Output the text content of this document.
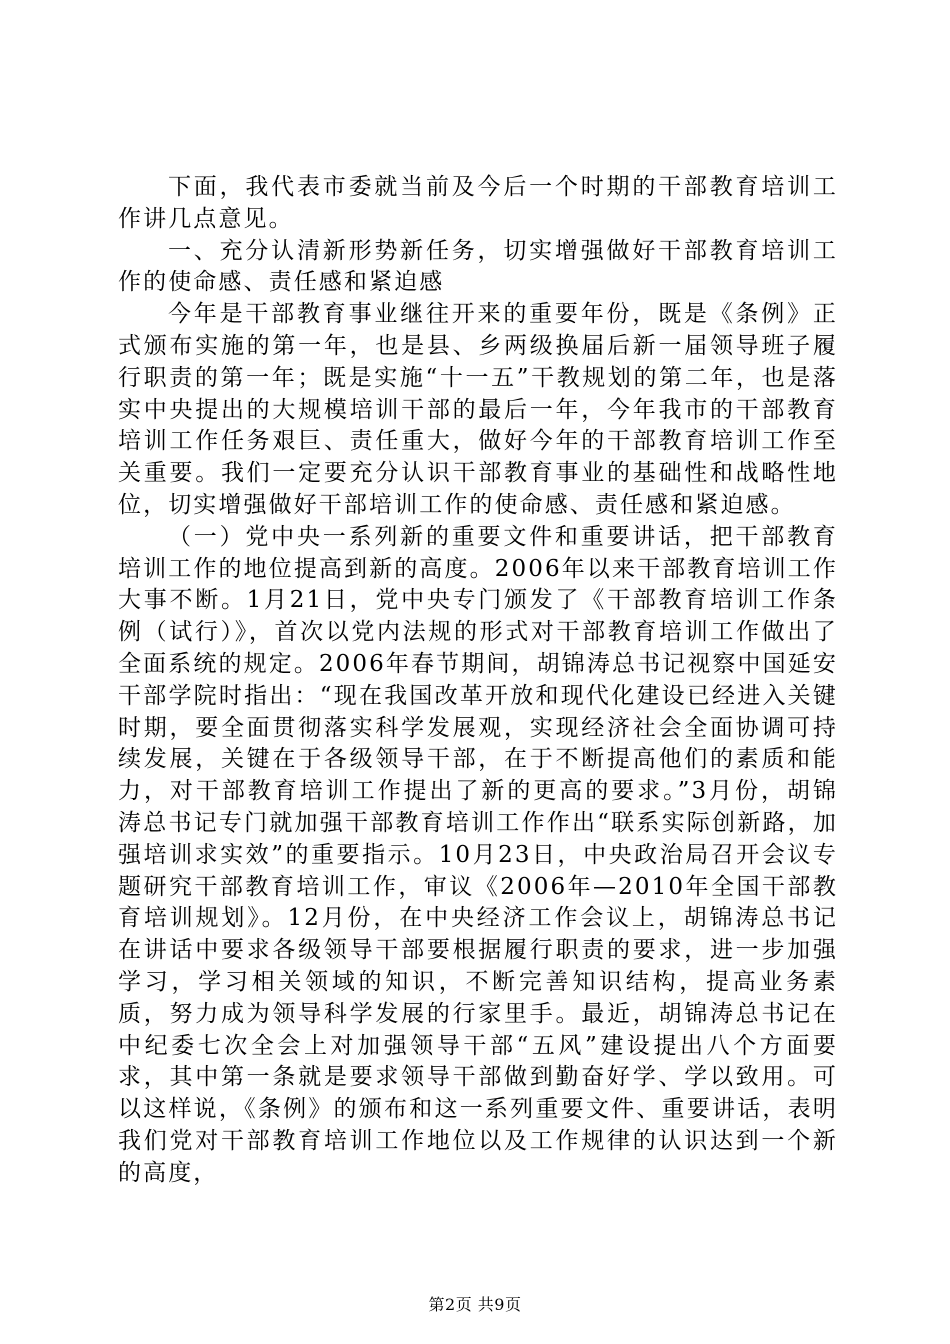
下面，我代表市委就当前及今后一个时期的干部教育培训工作讲几点意见。

一、充分认清新形势新任务，切实增强做好干部教育培训工作的使命感、责任感和紧迫感

今年是干部教育事业继往开来的重要年份，既是《条例》正式颁布实施的第一年，也是县、乡两级换届后新一届领导班子履行职责的第一年；既是实施“十一五”干教规划的第二年，也是落实中央提出的大规模培训干部的最后一年，今年我市的干部教育培训工作任务艰巨、责任重大，做好今年的干部教育培训工作至关重要。我们一定要充分认识干部教育事业的基础性和战略性地位，切实增强做好干部培训工作的使命感、责任感和紧迫感。

（一）党中央一系列新的重要文件和重要讲话，把干部教育培训工作的地位提高到新的高度。2006年以来干部教育培训工作大事不断。1月21日，党中央专门颁发了《干部教育培训工作条例（试行）》，首次以党内法规的形式对干部教育培训工作做出了全面系统的规定。2006年春节期间，胡锦涛总书记视察中国延安干部学院时指出：“现在我国改革开放和现代化建设已经进入关键时期，要全面贯彻落实科学发展观，实现经济社会全面协调可持续发展，关键在于各级领导干部，在于不断提高他们的素质和能力，对干部教育培训工作提出了新的更高的要求。”3月份，胡锦涛总书记专门就加强干部教育培训工作作出“联系实际创新路，加强培训求实效”的重要指示。10月23日，中央政治局召开会议专题研究干部教育培训工作，审议《2006年—2010年全国干部教育培训规划》。12月份，在中央经济工作会议上，胡锦涛总书记在讲话中要求各级领导干部要根据履行职责的要求，进一步加强学习，学习相关领域的知识，不断完善知识结构，提高业务素质，努力成为领导科学发展的行家里手。最近，胡锦涛总书记在中纪委七次全会上对加强领导干部“五风”建设提出八个方面要求，其中第一条就是要求领导干部做到勤奋好学、学以致用。可以这样说，《条例》的颁布和这一系列重要文件、重要讲话，表明我们党对干部教育培训工作地位以及工作规律的认识达到一个新的高度，

第2页 共9页
